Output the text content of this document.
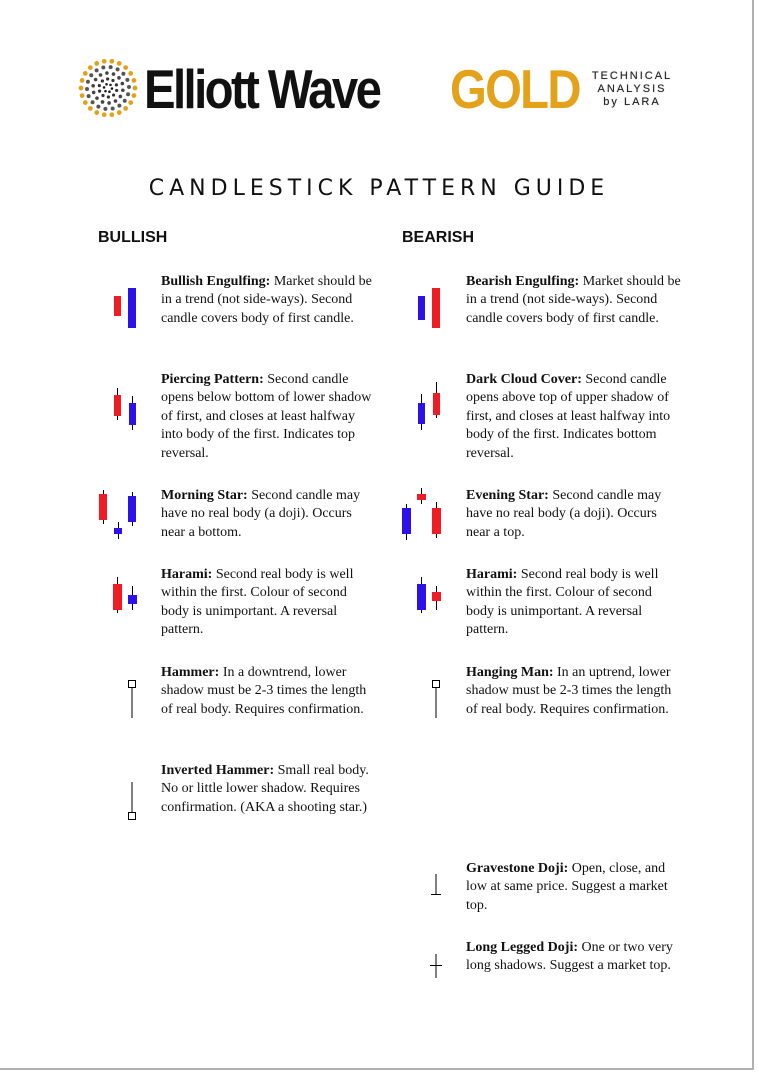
Elliott Wave GOLD	TECHNICAL
ANALYSIS
by LARA
CANDLESTICK PATTERN GUIDE
BULLISH	BEARISH
Bullish Engulfing: Market should be in a trend (not side-ways). Second candle covers body of first candle.
Piercing Pattern: Second candle opens below bottom of lower shadow of first, and closes at least halfway into body of the first. Indicates top reversal.
Morning Star: Second candle may have no real body (a doji). Occurs near a bottom.
Harami: Second real body is well within the first. Colour of second body is unimportant. A reversal pattern.
Hammer: In a downtrend, lower shadow must be 2-3 times the length of real body. Requires confirmation.
Inverted Hammer: Small real body. No or little lower shadow. Requires confirmation. (AKA a shooting star.)
Bearish Engulfing: Market should be in a trend (not side-ways). Second candle covers body of first candle.
Dark Cloud Cover: Second candle opens above top of upper shadow of first, and closes at least halfway into body of the first. Indicates bottom reversal.
Evening Star: Second candle may have no real body (a doji). Occurs near a top.
Harami: Second real body is well within the first. Colour of second body is unimportant. A reversal pattern.
Hanging Man: In an uptrend, lower shadow must be 2-3 times the length of real body. Requires confirmation.
Gravestone Doji: Open, close, and low at same price. Suggest a market top.
Long Legged Doji: One or two very long shadows. Suggest a market top.
